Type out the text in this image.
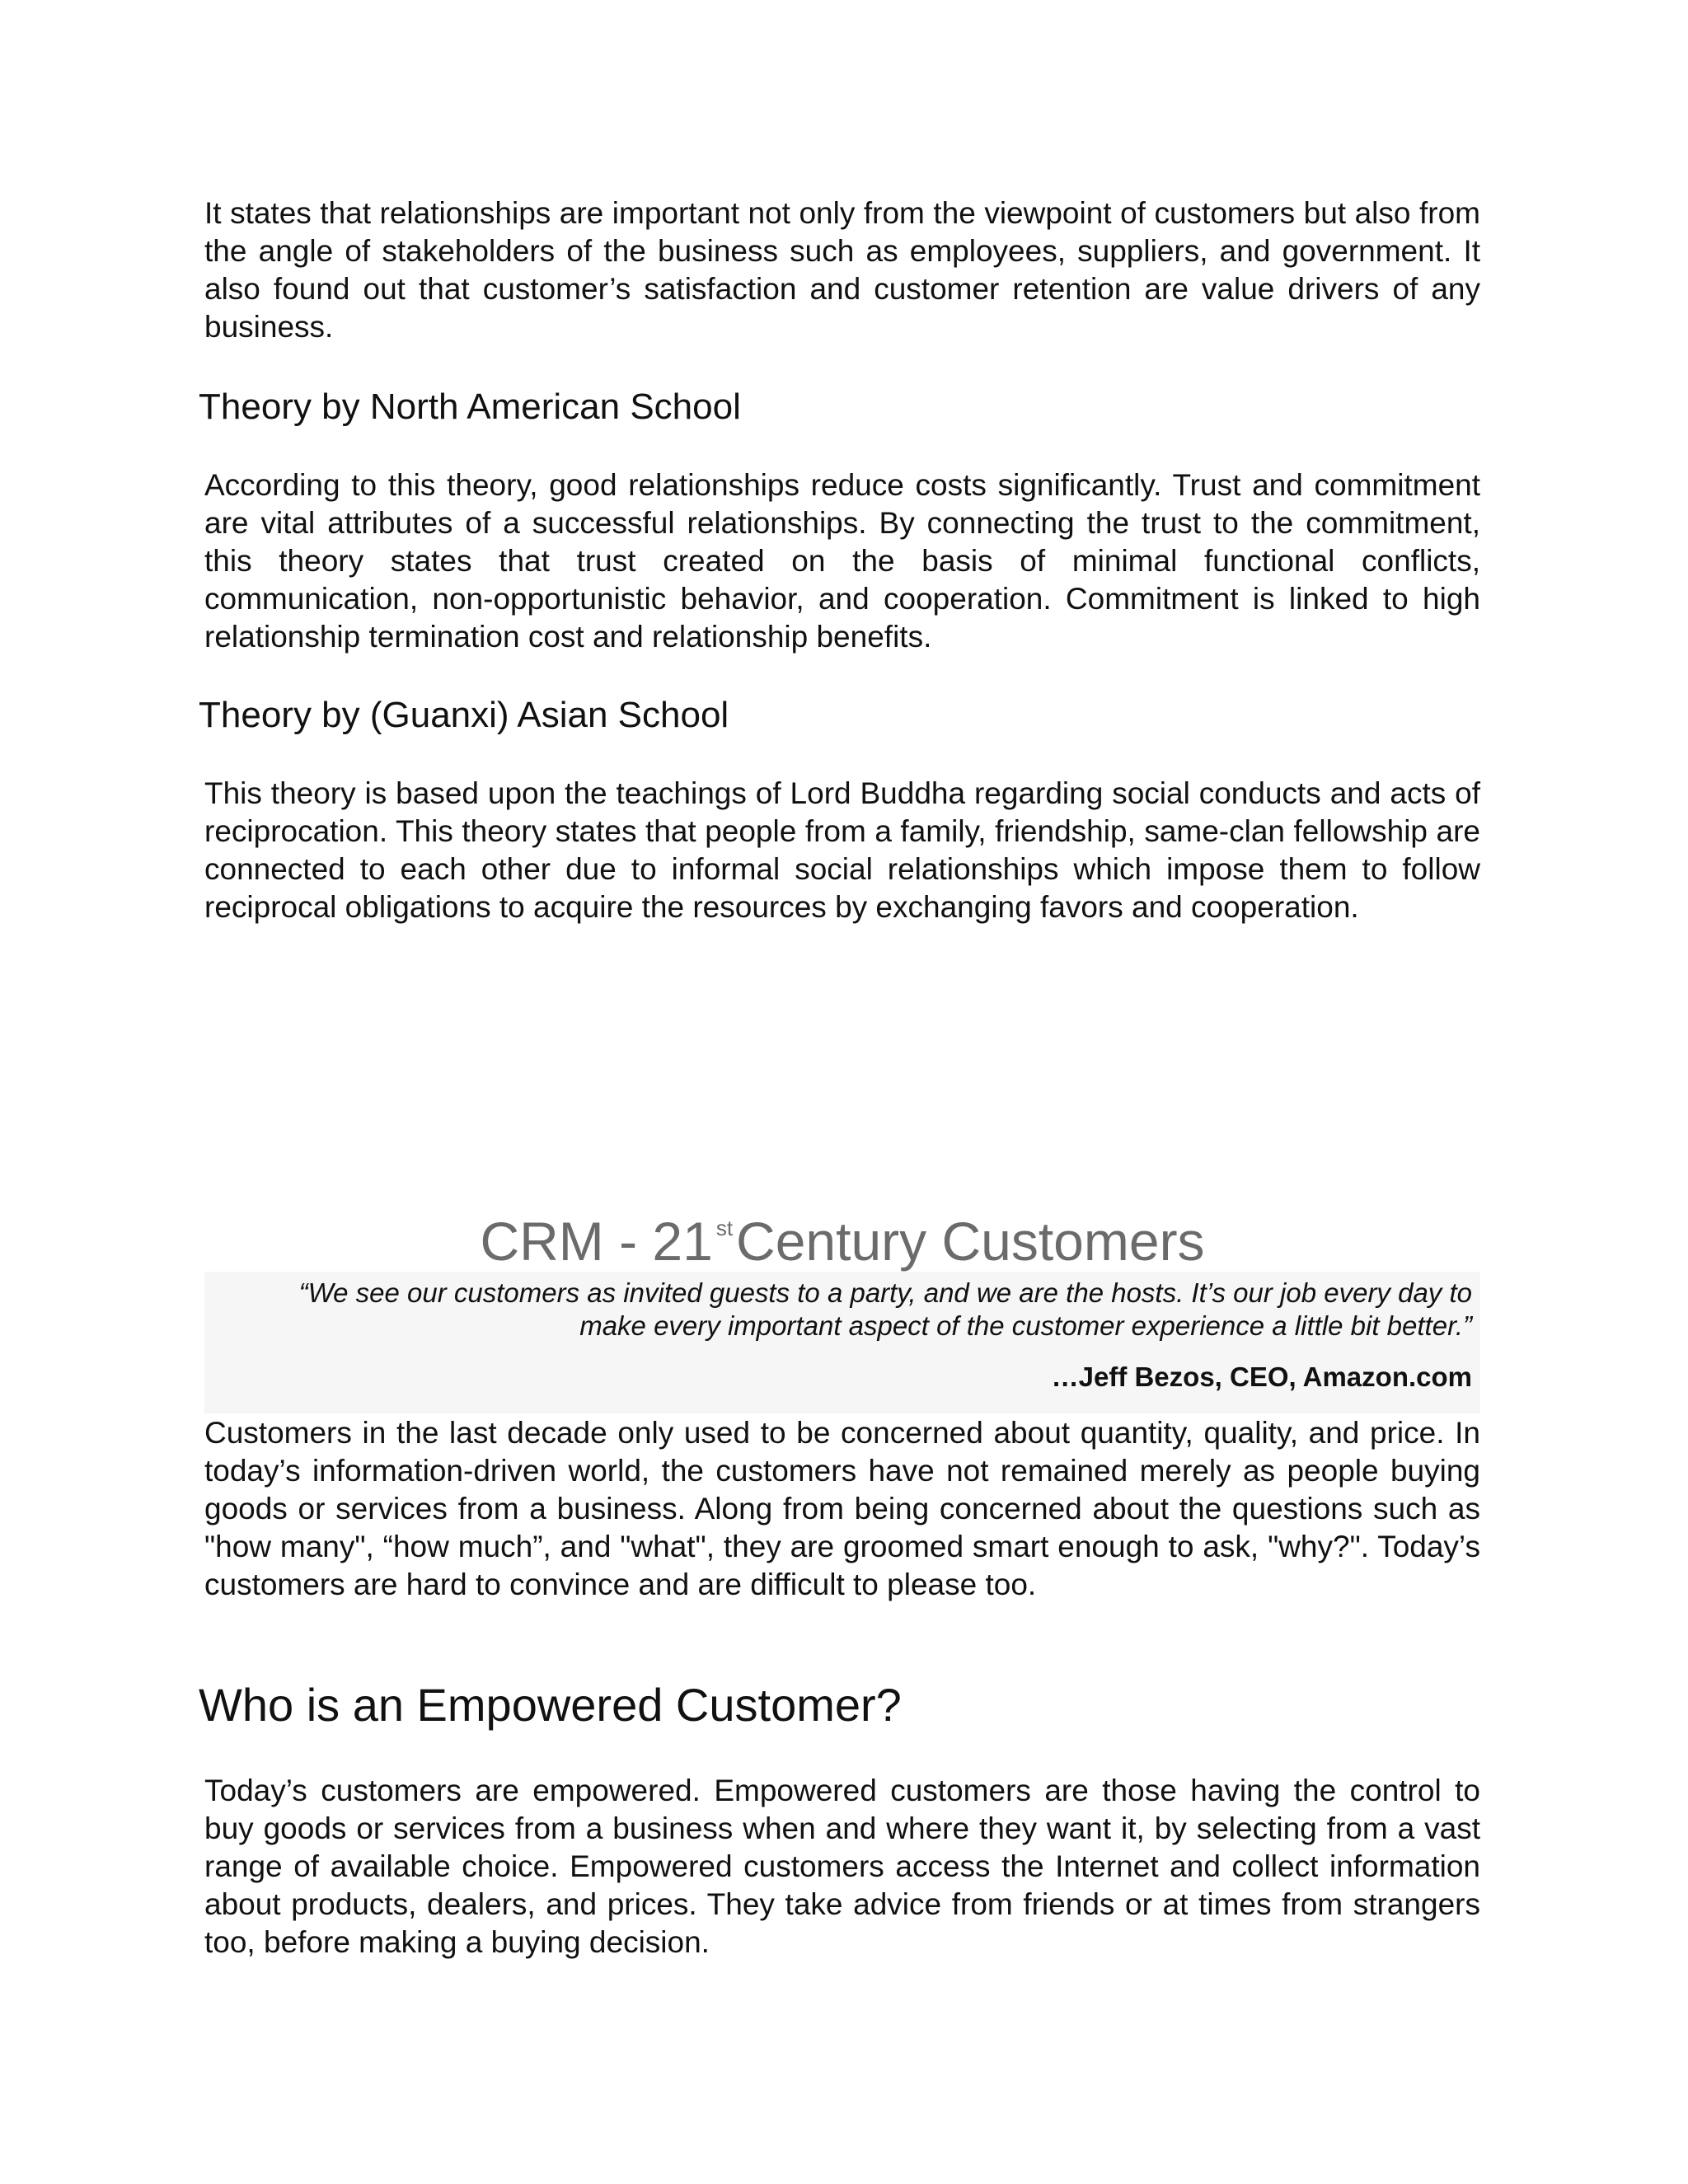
It states that relationships are important not only from the viewpoint of customers but also from the angle of stakeholders of the business such as employees, suppliers, and government. It also found out that customer’s satisfaction and customer retention are value drivers of any business.

Theory by North American School

According to this theory, good relationships reduce costs significantly. Trust and commitment are vital attributes of a successful relationships. By connecting the trust to the commitment, this theory states that trust created on the basis of minimal functional conflicts, communication, non-opportunistic behavior, and cooperation. Commitment is linked to high relationship termination cost and relationship benefits.

Theory by (Guanxi) Asian School

This theory is based upon the teachings of Lord Buddha regarding social conducts and acts of reciprocation. This theory states that people from a family, friendship, same-clan fellowship are connected to each other due to informal social relationships which impose them to follow reciprocal obligations to acquire the resources by exchanging favors and cooperation.

CRM - 21 $^{st}$Century Customers

“We see our customers as invited guests to a party, and we are the hosts. It’s our job every day to make every important aspect of the customer experience a little bit better.”

…Jeff Bezos, CEO, Amazon.com

Customers in the last decade only used to be concerned about quantity, quality, and price. In today’s information-driven world, the customers have not remained merely as people buying goods or services from a business. Along from being concerned about the questions such as "how many", “how much”, and "what", they are groomed smart enough to ask, "why?". Today’s customers are hard to convince and are difficult to please too.

Who is an Empowered Customer?

Today’s customers are empowered. Empowered customers are those having the control to buy goods or services from a business when and where they want it, by selecting from a vast range of available choice. Empowered customers access the Internet and collect information about products, dealers, and prices. They take advice from friends or at times from strangers too, before making a buying decision.
